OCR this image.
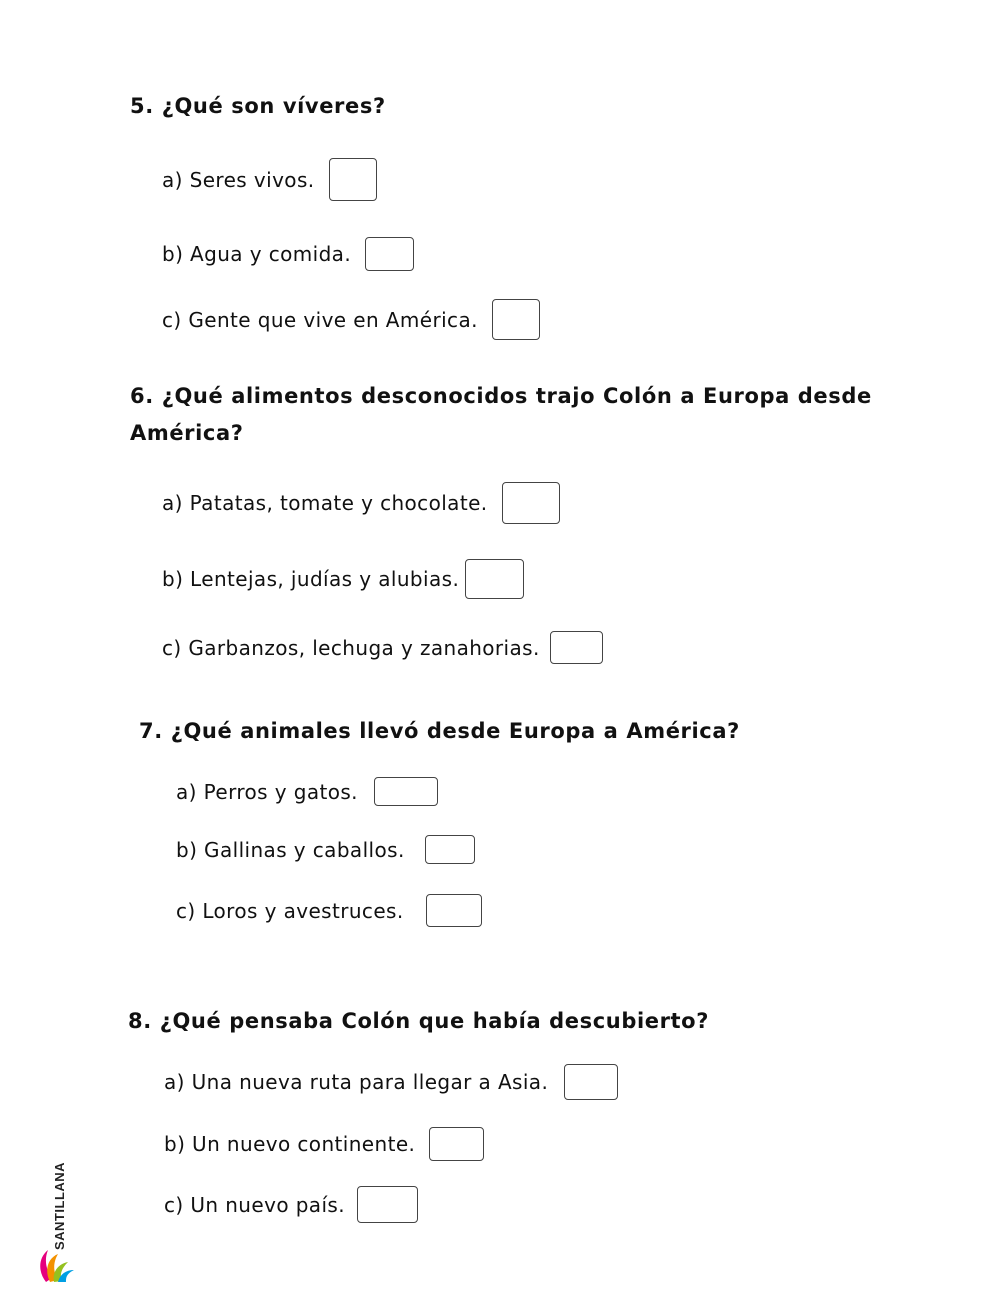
5. ¿Qué son víveres?
a) Seres vivos.
b) Agua y comida.
c) Gente que vive en América.
6. ¿Qué alimentos desconocidos trajo Colón a Europa desde
América?
a) Patatas, tomate y chocolate.
b) Lentejas, judías y alubias.
c) Garbanzos, lechuga y zanahorias.
7. ¿Qué animales llevó desde Europa a América?
a) Perros y gatos.
b) Gallinas y caballos.
c) Loros y avestruces.
8. ¿Qué pensaba Colón que había descubierto?
a) Una nueva ruta para llegar a Asia.
b) Un nuevo continente.
c) Un nuevo país.
SANTILLANA
